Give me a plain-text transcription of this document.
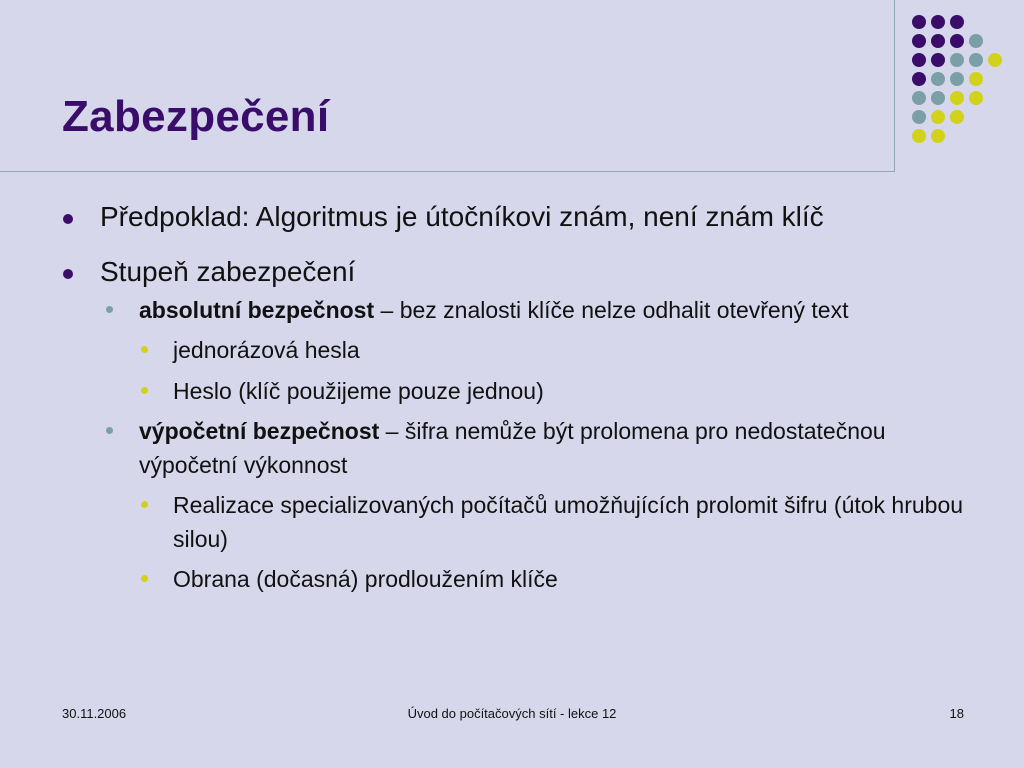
Zabezpečení
Předpoklad: Algoritmus je útočníkovi znám, není znám klíč
Stupeň zabezpečení
absolutní bezpečnost – bez znalosti klíče nelze odhalit otevřený text
jednorázová hesla
Heslo (klíč použijeme pouze jednou)
výpočetní bezpečnost – šifra nemůže být prolomena pro nedostatečnou výpočetní výkonnost
Realizace specializovaných počítačů umožňujících prolomit šifru (útok hrubou silou)
Obrana (dočasná) prodloužením klíče
30.11.2006	Úvod do počítačových sítí - lekce 12	18
